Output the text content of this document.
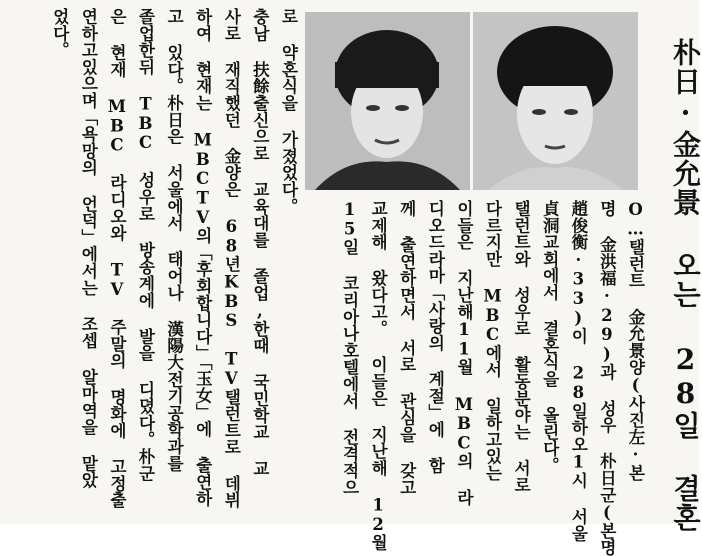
朴日·金允景 오는 28일 결혼
O…탤런트 金允景양(사진左·본
명 金洪福·29)과 성우 朴日군(본명
趙俊衡·33)이 28일하오1시 서울
貞洞교회에서 결혼식을 올린다。
탤런트와 성우로 활동분야는 서로
다르지만 MBC에서 일하고있는
이들은 지난해11월 MBC의 라
디오드라마「사랑의 계절」에 함
께 출연하면서 서로 관심을 갖고
교제해 왔다고。 이들은 지난해 12월
15일 코리아나호텔에서 전격적으
로 약혼식을 가졌었다。
충남 扶餘출신으로 교육대를 졸업,한때 국민학교 교
사로 재직했던 金양은 68년KBS TV탤런트로 데뷔
하여 현재는 MBCTV의「후회합니다」「玉女」에 출연하
고 있다。朴日은 서울에서 태어나 漢陽大전기공학과를
졸업한뒤 TBC 성우로 방송계에 발을 디뎠다。朴군
은 현재 MBC 라디오와 TV 주말의 명화에 고정출
연하고있으며「욕망의 언덕」에서는 조셉 알마역을 맡았
었다。
